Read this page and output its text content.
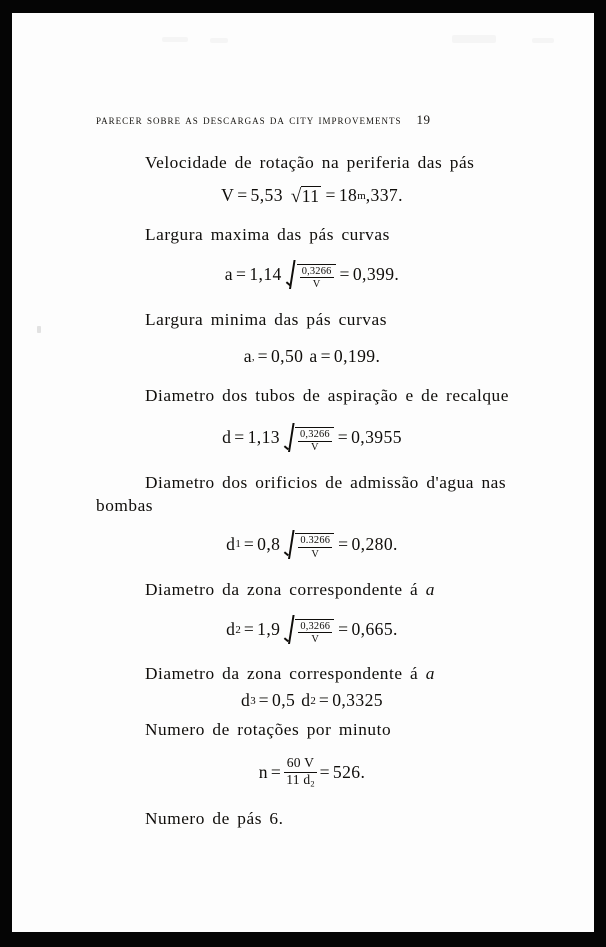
parecer sobre as descargas da city improvements 19

Velocidade de rotação na periferia das pás

V = 5,53 √ 11 = 18 m ,337.

Largura maxima das pás curvas

$a = 1,14 \frac{0,3266}{V} = 0,399$.

Largura minima das pás curvas

a , = 0,50 a = 0,199.

Diametro dos tubos de aspiração e de recalque

$d = 1,13 \frac{0,3266}{V} = 0,3955$

Diametro dos orificios de admissão d'agua nas

bombas

d $1 = 0,8 \frac{0.3266}{V} = 0,280$.

Diametro da zona correspondente á a

d $2 = 1,9 \frac{0,3266}{V} = 0,665$.

Diametro da zona correspondente á a

d 3 = 0,5 d 2 = 0,3325

Numero de rotações por minuto

$n = \frac{60 V}{11 d_2} = 526$.

Numero de pás 6.
